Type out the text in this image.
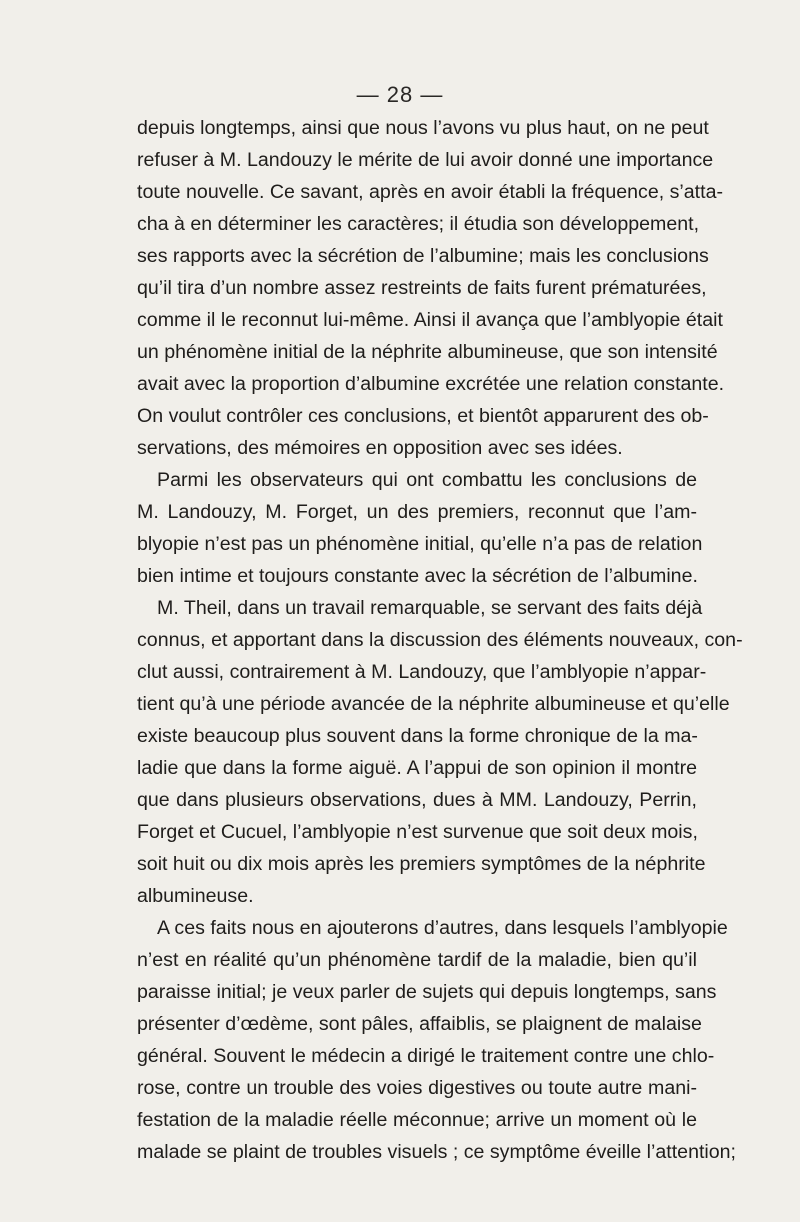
— 28 —
depuis longtemps, ainsi que nous l’avons vu plus haut, on ne peut
refuser à M. Landouzy le mérite de lui avoir donné une importance
toute nouvelle. Ce savant, après en avoir établi la fréquence, s’atta-
cha à en déterminer les caractères; il étudia son développement,
ses rapports avec la sécrétion de l’albumine; mais les conclusions
qu’il tira d’un nombre assez restreints de faits furent prématurées,
comme il le reconnut lui-même. Ainsi il avança que l’amblyopie était
un phénomène initial de la néphrite albumineuse, que son intensité
avait avec la proportion d’albumine excrétée une relation constante.
On voulut contrôler ces conclusions, et bientôt apparurent des ob-
servations, des mémoires en opposition avec ses idées.
Parmi les observateurs qui ont combattu les conclusions de
M. Landouzy, M. Forget, un des premiers, reconnut que l’am-
blyopie n’est pas un phénomène initial, qu’elle n’a pas de relation
bien intime et toujours constante avec la sécrétion de l’albumine.
M. Theil, dans un travail remarquable, se servant des faits déjà
connus, et apportant dans la discussion des éléments nouveaux, con-
clut aussi, contrairement à M. Landouzy, que l’amblyopie n’appar-
tient qu’à une période avancée de la néphrite albumineuse et qu’elle
existe beaucoup plus souvent dans la forme chronique de la ma-
ladie que dans la forme aiguë. A l’appui de son opinion il montre
que dans plusieurs observations, dues à MM. Landouzy, Perrin,
Forget et Cucuel, l’amblyopie n’est survenue que soit deux mois,
soit huit ou dix mois après les premiers symptômes de la néphrite
albumineuse.
A ces faits nous en ajouterons d’autres, dans lesquels l’amblyopie
n’est en réalité qu’un phénomène tardif de la maladie, bien qu’il
paraisse initial; je veux parler de sujets qui depuis longtemps, sans
présenter d’œdème, sont pâles, affaiblis, se plaignent de malaise
général. Souvent le médecin a dirigé le traitement contre une chlo-
rose, contre un trouble des voies digestives ou toute autre mani-
festation de la maladie réelle méconnue; arrive un moment où le
malade se plaint de troubles visuels ; ce symptôme éveille l’attention;
